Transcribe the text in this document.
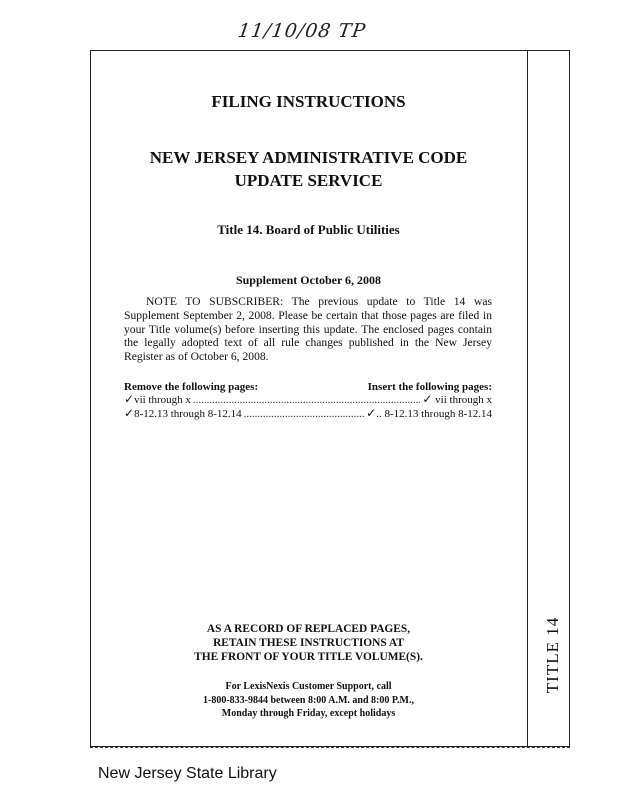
11/10/08 TP
TITLE 14
FILING INSTRUCTIONS
NEW JERSEY ADMINISTRATIVE CODE
UPDATE SERVICE
Title 14. Board of Public Utilities
Supplement October 6, 2008
NOTE TO SUBSCRIBER: The previous update to Title 14 was Supplement September 2, 2008. Please be certain that those pages are filed in your Title volume(s) before inserting this update. The enclosed pages contain the legally adopted text of all rule changes published in the New Jersey Register as of October 6, 2008.
Remove the following pages:	Insert the following pages:
✓vii through x .....	✓ vii through x
✓8-12.13 through 8-12.14 .....	✓.. 8-12.13 through 8-12.14
AS A RECORD OF REPLACED PAGES,
RETAIN THESE INSTRUCTIONS AT
THE FRONT OF YOUR TITLE VOLUME(S).
For LexisNexis Customer Support, call
1-800-833-9844 between 8:00 A.M. and 8:00 P.M.,
Monday through Friday, except holidays
New Jersey State Library
